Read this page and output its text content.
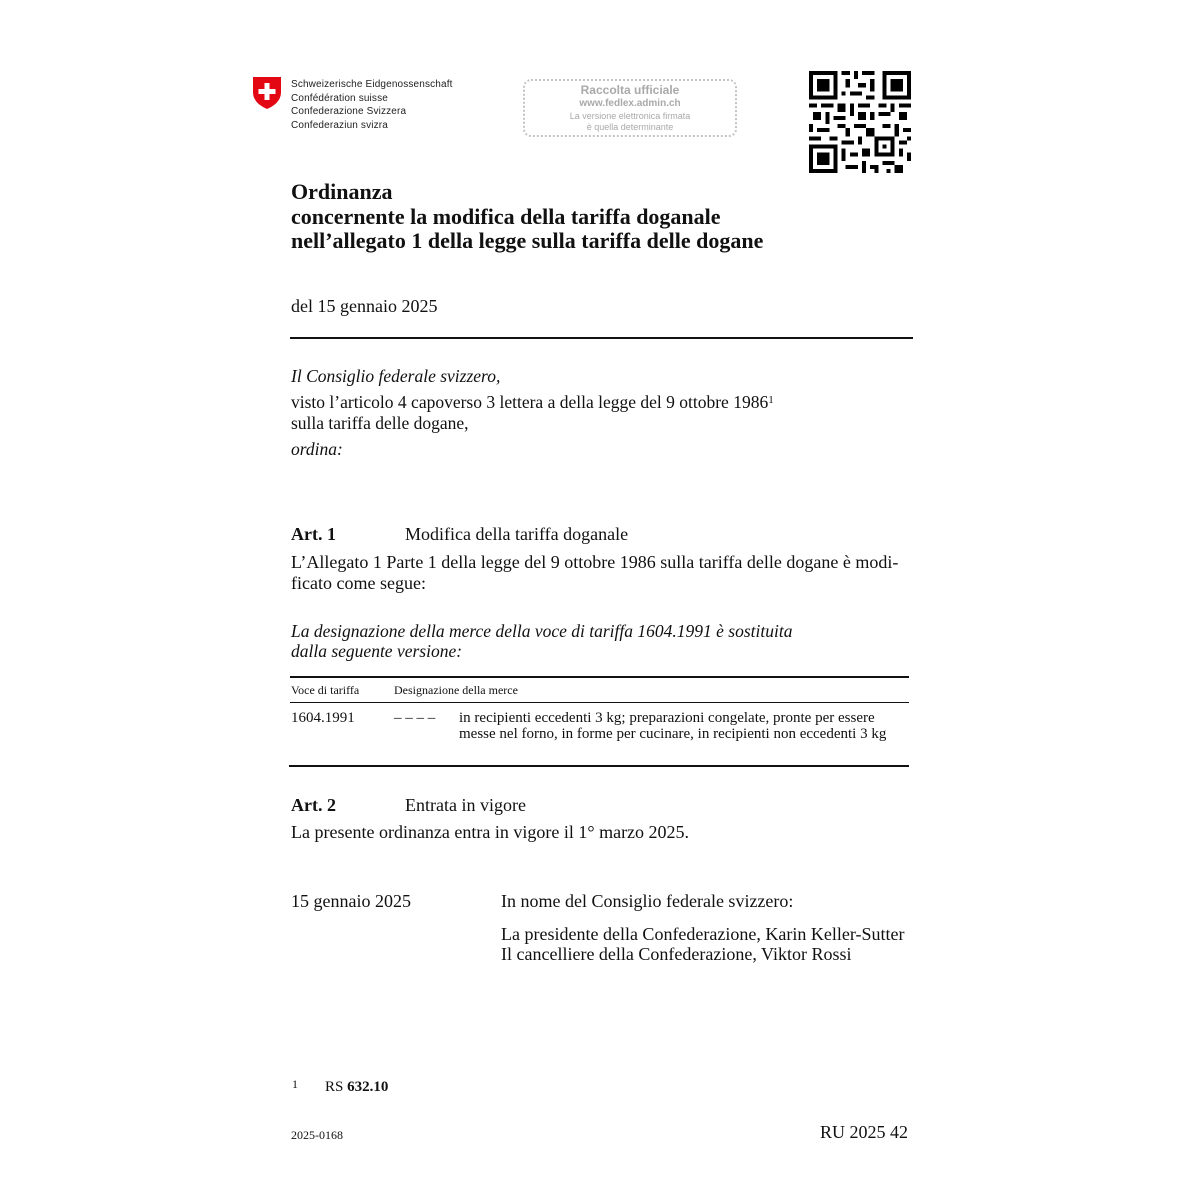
Schweizerische Eidgenossenschaft
Confédération suisse
Confederazione Svizzera
Confederaziun svizra
Raccolta ufficiale
www.fedlex.admin.ch
La versione elettronica firmata
è quella determinante
Ordinanza
concernente la modifica della tariffa doganale
nell’allegato 1 della legge sulla tariffa delle dogane
del 15 gennaio 2025
Il Consiglio federale svizzero,
visto l’articolo 4 capoverso 3 lettera a della legge del 9 ottobre 1986$^1$
sulla tariffa delle dogane,
ordina:
Art. 1	Modifica della tariffa doganale
L’Allegato 1 Parte 1 della legge del 9 ottobre 1986 sulla tariffa delle dogane è modi-
ficato come segue:
La designazione della merce della voce di tariffa 1604.1991 è sostituita
dalla seguente versione:
Voce di tariffa	Designazione della merce
1604.1991	– – – – in recipienti eccedenti 3 kg; preparazioni congelate, pronte per essere messe nel forno, in forme per cucinare, in recipienti non eccedenti 3 kg
Art. 2	Entrata in vigore
La presente ordinanza entra in vigore il 1° marzo 2025.
15 gennaio 2025	In nome del Consiglio federale svizzero:
La presidente della Confederazione, Karin Keller-Sutter
Il cancelliere della Confederazione, Viktor Rossi
1 RS 632.10
2025-0168	RU 2025 42
